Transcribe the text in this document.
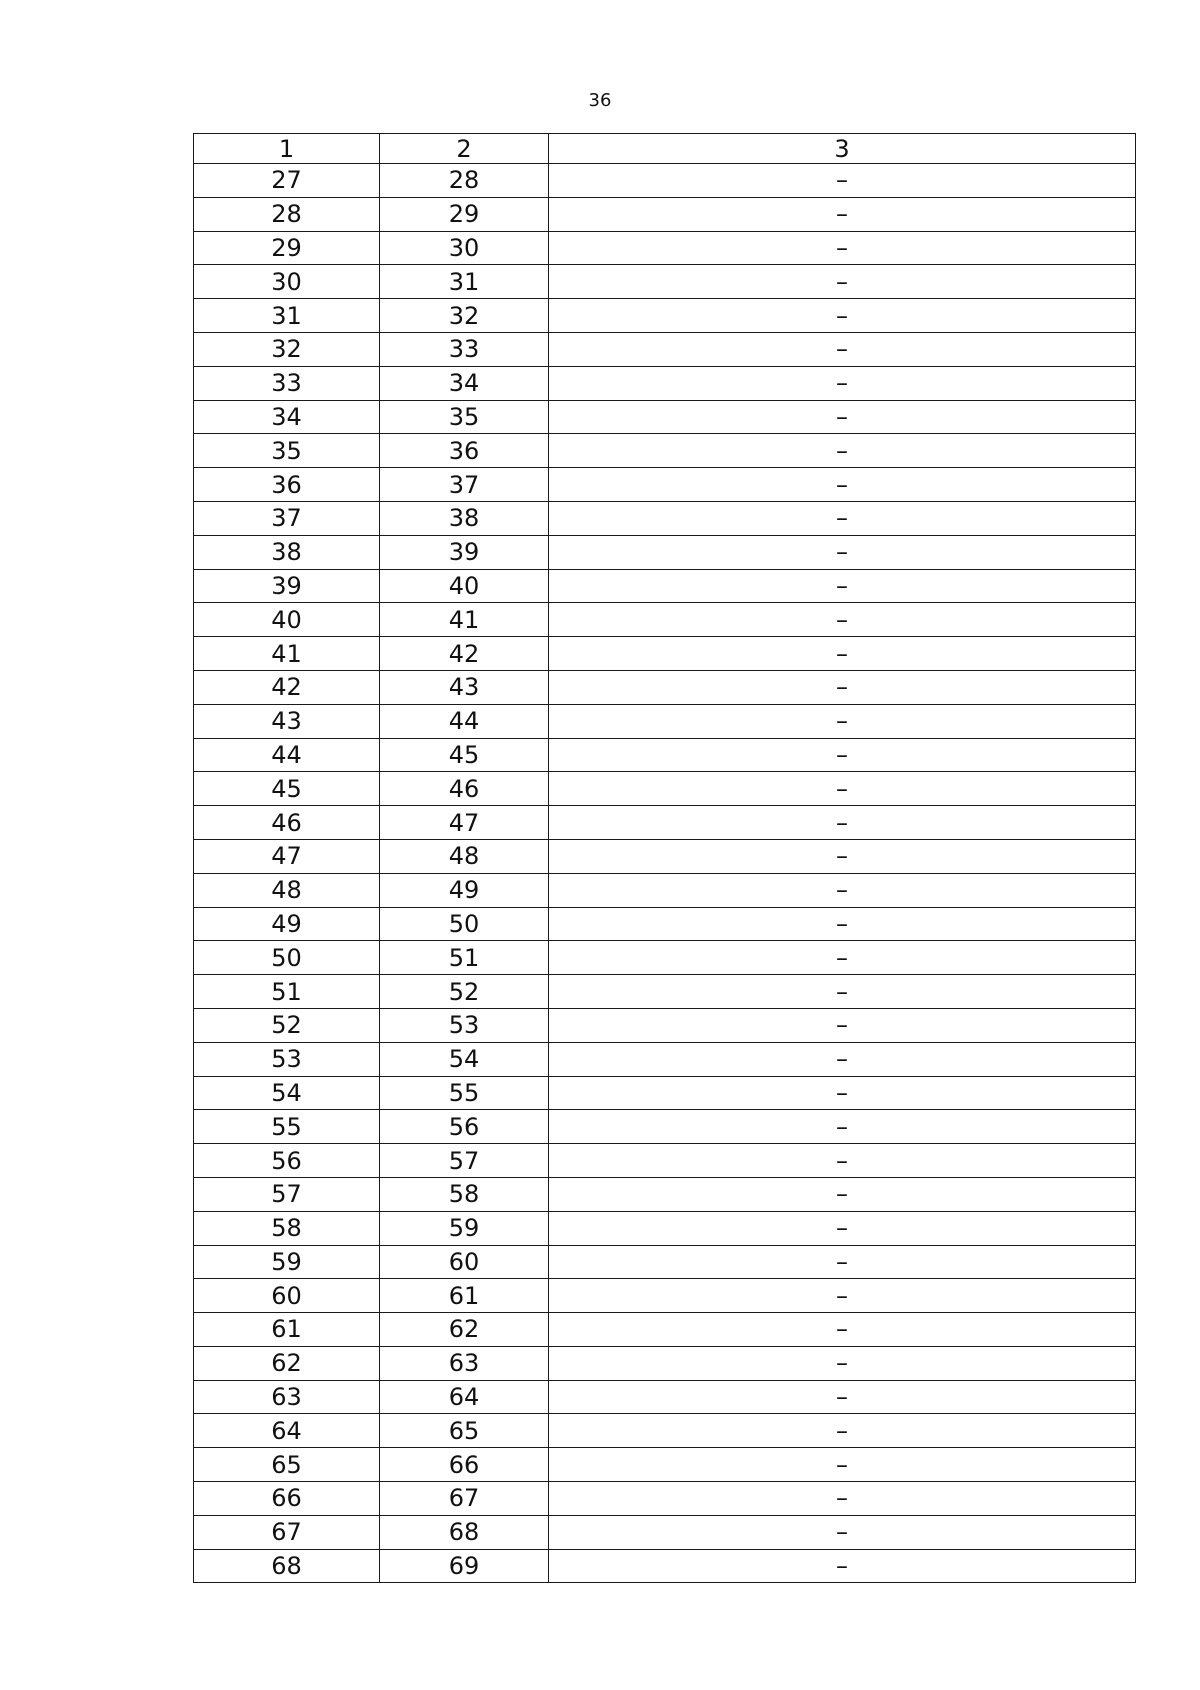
36
1	2	3
27	28	–
28	29	–
29	30	–
30	31	–
31	32	–
32	33	–
33	34	–
34	35	–
35	36	–
36	37	–
37	38	–
38	39	–
39	40	–
40	41	–
41	42	–
42	43	–
43	44	–
44	45	–
45	46	–
46	47	–
47	48	–
48	49	–
49	50	–
50	51	–
51	52	–
52	53	–
53	54	–
54	55	–
55	56	–
56	57	–
57	58	–
58	59	–
59	60	–
60	61	–
61	62	–
62	63	–
63	64	–
64	65	–
65	66	–
66	67	–
67	68	–
68	69	–
